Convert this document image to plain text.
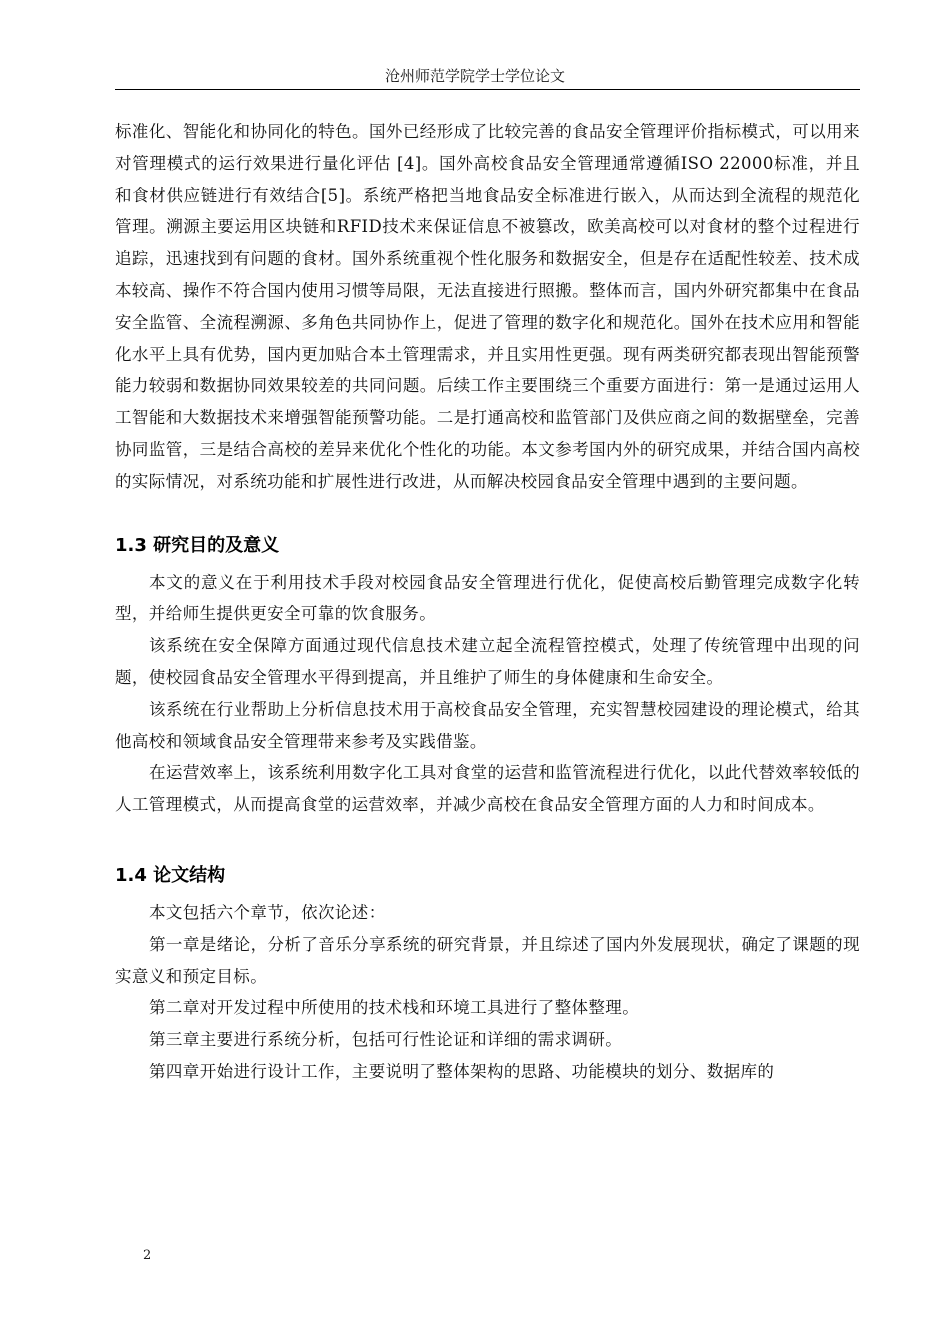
沧州师范学院学士学位论文

标准化、智能化和协同化的特色。国外已经形成了比较完善的食品安全管理评价指标模式，可以用来对管理模式的运行效果进行量化评估 [4]。国外高校食品安全管理通常遵循ISO 22000标准，并且和食材供应链进行有效结合[5]。系统严格把当地食品安全标准进行嵌入，从而达到全流程的规范化管理。溯源主要运用区块链和RFID技术来保证信息不被篡改，欧美高校可以对食材的整个过程进行追踪，迅速找到有问题的食材。国外系统重视个性化服务和数据安全，但是存在适配性较差、技术成本较高、操作不符合国内使用习惯等局限，无法直接进行照搬。整体而言，国内外研究都集中在食品安全监管、全流程溯源、多角色共同协作上，促进了管理的数字化和规范化。国外在技术应用和智能化水平上具有优势，国内更加贴合本土管理需求，并且实用性更强。现有两类研究都表现出智能预警能力较弱和数据协同效果较差的共同问题。后续工作主要围绕三个重要方面进行：第一是通过运用人工智能和大数据技术来增强智能预警功能。二是打通高校和监管部门及供应商之间的数据壁垒，完善协同监管，三是结合高校的差异来优化个性化的功能。本文参考国内外的研究成果，并结合国内高校的实际情况，对系统功能和扩展性进行改进，从而解决校园食品安全管理中遇到的主要问题。

1.3 研究目的及意义

本文的意义在于利用技术手段对校园食品安全管理进行优化，促使高校后勤管理完成数字化转型，并给师生提供更安全可靠的饮食服务。

该系统在安全保障方面通过现代信息技术建立起全流程管控模式，处理了传统管理中出现的问题，使校园食品安全管理水平得到提高，并且维护了师生的身体健康和生命安全。

该系统在行业帮助上分析信息技术用于高校食品安全管理，充实智慧校园建设的理论模式，给其他高校和领域食品安全管理带来参考及实践借鉴。

在运营效率上，该系统利用数字化工具对食堂的运营和监管流程进行优化，以此代替效率较低的人工管理模式，从而提高食堂的运营效率，并减少高校在食品安全管理方面的人力和时间成本。

1.4 论文结构

本文包括六个章节，依次论述：

第一章是绪论，分析了音乐分享系统的研究背景，并且综述了国内外发展现状，确定了课题的现实意义和预定目标。

第二章对开发过程中所使用的技术栈和环境工具进行了整体整理。

第三章主要进行系统分析，包括可行性论证和详细的需求调研。

第四章开始进行设计工作，主要说明了整体架构的思路、功能模块的划分、数据库的

2
